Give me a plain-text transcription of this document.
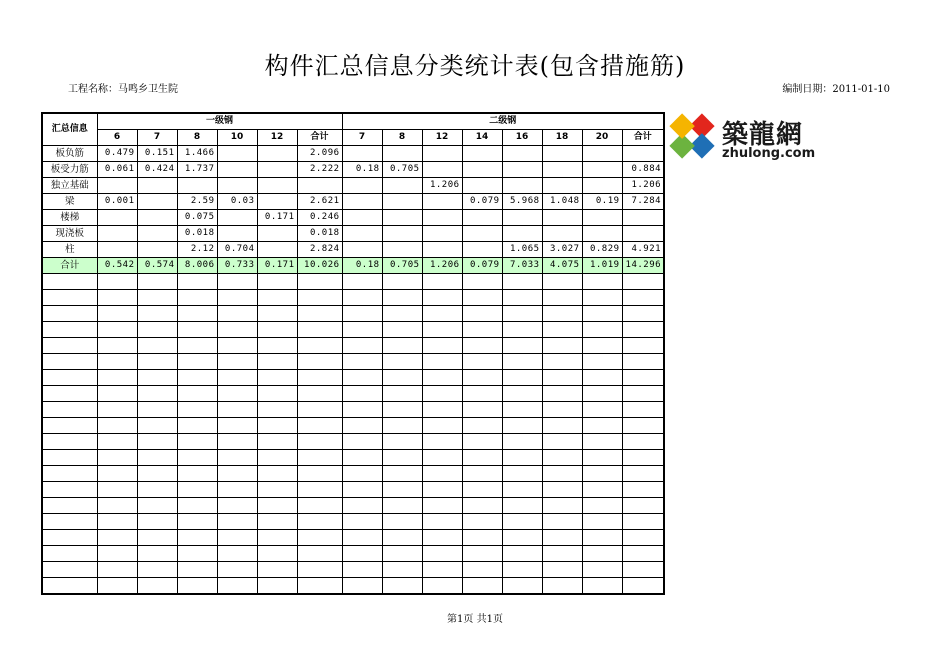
构件汇总信息分类统计表(包含措施筋)
工程名称：马鸣乡卫生院	编制日期：2011-01-10
汇总信息	一级钢						二级钢							
	6	7	8	10	12	合计	7	8	12	14	16	18	20	合计
板负筋	0.479	0.151	1.466			2.096								
板受力筋	0.061	0.424	1.737			2.222	0.18	0.705						0.884
独立基础									1.206					1.206
梁	0.001		2.59	0.03		2.621				0.079	5.968	1.048	0.19	7.284
楼梯			0.075		0.171	0.246								
现浇板			0.018			0.018								
柱			2.12	0.704		2.824					1.065	3.027	0.829	4.921
合计	0.542	0.574	8.006	0.733	0.171	10.026	0.18	0.705	1.206	0.079	7.033	4.075	1.019	14.296

築龍網
zhulong.com
第1页 共1页
